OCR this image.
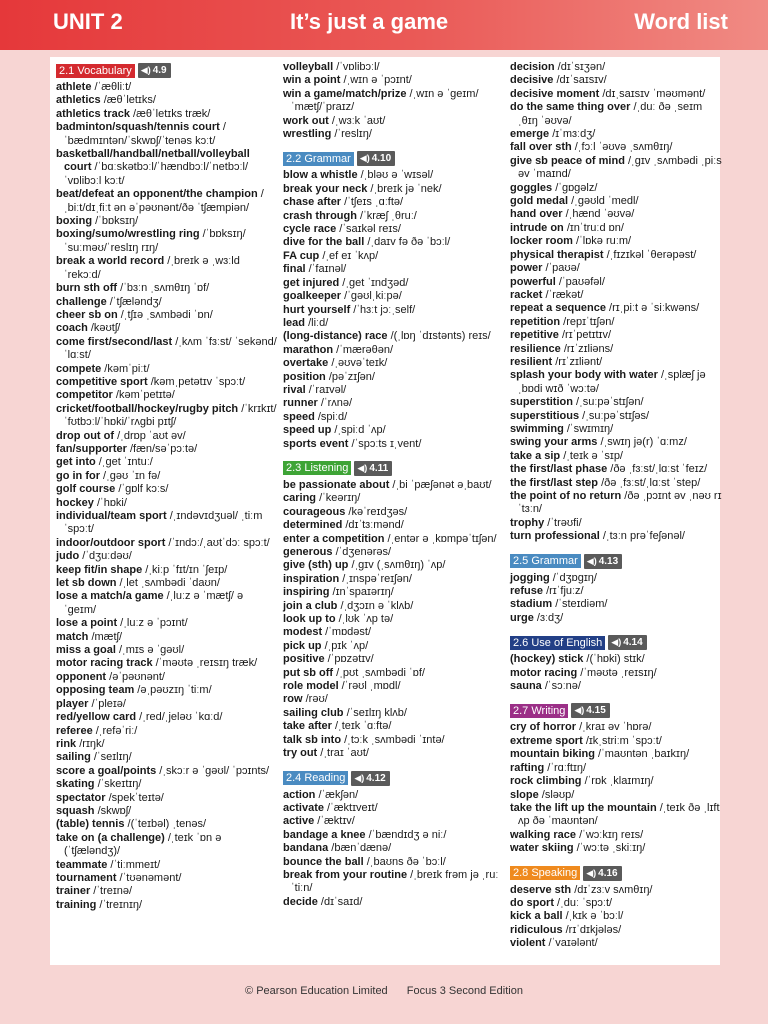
UNIT 2	It’s just a game	Word list
2.1 Vocabulary ◀) 4.9
athlete /ˈæθliːt/
athletics /æθˈletɪks/
athletics track /æθˈletɪks træk/
badminton/squash/tennis court /ˈbædmɪntən/ˈskwɒʃ/ˈtenəs kɔːt/
basketball/handball/netball/volleyball court /ˈbɑːskətbɔːl/ˈhændbɔːl/ˈnetbɔːl/ˈvɒlibɔːl kɔːt/
beat/defeat an opponent/the champion /ˌbiːt/dɪˌfiːt ən əˈpəʊnənt/ðə ˈtʃæmpiən/
boxing /ˈbɒksɪŋ/
boxing/sumo/wrestling ring /ˈbɒksɪŋ/ ˈsuːməʊ/ˈreslɪŋ rɪŋ/
break a world record /ˌbreɪk ə ˌwɜːld ˈrekɔːd/
burn sth off /ˈbɜːn ˌsʌmθɪŋ ˈɒf/
challenge /ˈtʃæləndʒ/
cheer sb on /ˌtʃɪə ˌsʌmbədi ˈɒn/
coach /kəʊtʃ/
come first/second/last /ˌkʌm ˈfɜːst/ ˈsekənd/ˈlɑːst/
compete /kəmˈpiːt/
competitive sport /kəmˌpetətɪv ˈspɔːt/
competitor /kəmˈpetɪtə/
cricket/football/hockey/rugby pitch /ˈkrɪkɪt/ˈfʊtbɔːl/ˈhɒki/ˈrʌgbi pɪtʃ/
drop out of /ˌdrɒp ˈaʊt əv/
fan/supporter /fæn/səˈpɔːtə/
get into /ˌget ˈɪntuː/
go in for /ˌgəʊ ˈɪn fə/
golf course /ˈgɒlf kɔːs/
hockey /ˈhɒki/
individual/team sport /ˌɪndəvɪdʒuəl/ ˌtiːm ˈspɔːt/
indoor/outdoor sport /ˈɪndɔː/ˌaʊtˈdɔː spɔːt/
judo /ˈdʒuːdəʊ/
keep fit/in shape /ˌkiːp ˈfɪt/ɪn ˈʃeɪp/
let sb down /ˌlet ˌsʌmbədi ˈdaʊn/
lose a match/a game /ˌluːz ə ˈmætʃ/ ə ˈgeɪm/
lose a point /ˌluːz ə ˈpɔɪnt/
match /mætʃ/
miss a goal /ˌmɪs ə ˈgəʊl/
motor racing track /ˈməʊtə ˌreɪsɪŋ træk/
opponent /əˈpəʊnənt/
opposing team /əˌpəʊzɪŋ ˈtiːm/
player /ˈpleɪə/
red/yellow card /ˌred/ˌjeləʊ ˈkɑːd/
referee /ˌrefəˈriː/
rink /rɪŋk/
sailing /ˈseɪlɪŋ/
score a goal/points /ˌskɔːr ə ˈgəʊl/ ˈpɔɪnts/
skating /ˈskeɪtɪŋ/
spectator /spekˈteɪtə/
squash /skwɒʃ/
(table) tennis /(ˈteɪbəl) ˌtenəs/
take on (a challenge) /ˌteɪk ˈɒn ə (ˈtʃæləndʒ)/
teammate /ˈtiːmmeɪt/
tournament /ˈtʊənəmənt/
trainer /ˈtreɪnə/
training /ˈtreɪnɪŋ/
volleyball /ˈvɒlibɔːl/
win a point /ˌwɪn ə ˈpɔɪnt/
win a game/match/prize /ˌwɪn ə ˈgeɪm/ ˈmætʃ/ˈpraɪz/
work out /ˌwɜːk ˈaʊt/
wrestling /ˈreslɪŋ/
2.2 Grammar ◀) 4.10
blow a whistle /ˌbləʊ ə ˈwɪsəl/
break your neck /ˌbreɪk jə ˈnek/
chase after /ˈtʃeɪs ˌɑːftə/
crash through /ˈkræʃ ˌθruː/
cycle race /ˈsaɪkəl reɪs/
dive for the ball /ˌdaɪv fə ðə ˈbɔːl/
FA cup /ˌef eɪ ˈkʌp/
final /ˈfaɪnəl/
get injured /ˌget ˈɪndʒəd/
goalkeeper /ˈgəʊlˌkiːpə/
hurt yourself /ˈhɜːt jɔːˌself/
lead /liːd/
(long-distance) race /(ˌlɒŋ ˈdɪstənts) reɪs/
marathon /ˈmærəθən/
overtake /ˌəʊvəˈteɪk/
position /pəˈzɪʃən/
rival /ˈraɪvəl/
runner /ˈrʌnə/
speed /spiːd/
speed up /ˌspiːd ˈʌp/
sports event /ˈspɔːts ɪˌvent/
2.3 Listening ◀) 4.11
be passionate about /ˌbi ˈpæʃənət əˌbaʊt/
caring /ˈkeərɪŋ/
courageous /kəˈreɪdʒəs/
determined /dɪˈtɜːmənd/
enter a competition /ˌentər ə ˌkɒmpəˈtɪʃən/
generous /ˈdʒenərəs/
give (sth) up /ˌgɪv (ˌsʌmθɪŋ) ˈʌp/
inspiration /ˌɪnspəˈreɪʃən/
inspiring /ɪnˈspaɪərɪŋ/
join a club /ˌdʒɔɪn ə ˈklʌb/
look up to /ˌlʊk ˈʌp tə/
modest /ˈmɒdəst/
pick up /ˌpɪk ˈʌp/
positive /ˈpɒzətɪv/
put sb off /ˌpʊt ˌsʌmbədi ˈɒf/
role model /ˈrəʊl ˌmɒdl/
row /rəʊ/
sailing club /ˈseɪlɪŋ klʌb/
take after /ˌteɪk ˈɑːftə/
talk sb into /ˌtɔːk ˌsʌmbədi ˈɪntə/
try out /ˌtraɪ ˈaʊt/
2.4 Reading ◀) 4.12
action /ˈækʃən/
activate /ˈæktɪveɪt/
active /ˈæktɪv/
bandage a knee /ˈbændɪdʒ ə niː/
bandana /bænˈdænə/
bounce the ball /ˌbaʊns ðə ˈbɔːl/
break from your routine /ˌbreɪk frəm jə ˌruːˈtiːn/
decide /dɪˈsaɪd/
decision /dɪˈsɪʒən/
decisive /dɪˈsaɪsɪv/
decisive moment /dɪˌsaɪsɪv ˈməʊmənt/
do the same thing over /ˌduː ðə ˌseɪm ˌθɪŋ ˈəʊvə/
emerge /ɪˈmɜːdʒ/
fall over sth /ˌfɔːl ˈəʊvə ˌsʌmθɪŋ/
give sb peace of mind /ˌgɪv ˌsʌmbədi ˌpiːs əv ˈmaɪnd/
goggles /ˈgɒgəlz/
gold medal /ˌgəʊld ˈmedl/
hand over /ˌhænd ˈəʊvə/
intrude on /ɪnˈtruːd ɒn/
locker room /ˈlɒkə ruːm/
physical therapist /ˌfɪzɪkəl ˈθerəpəst/
power /ˈpaʊə/
powerful /ˈpaʊəfəl/
racket /ˈrækət/
repeat a sequence /rɪˌpiːt ə ˈsiːkwəns/
repetition /repɪˈtɪʃən/
repetitive /rɪˈpetɪtɪv/
resilience /rɪˈzɪliəns/
resilient /rɪˈzɪliənt/
splash your body with water /ˌsplæʃ jə ˌbɒdi wɪð ˈwɔːtə/
superstition /ˌsuːpəˈstɪʃən/
superstitious /ˌsuːpəˈstɪʃəs/
swimming /ˈswɪmɪŋ/
swing your arms /ˌswɪŋ jə(r) ˈɑːmz/
take a sip /ˌteɪk ə ˈsɪp/
the first/last phase /ðə ˌfɜːst/ˌlɑːst ˈfeɪz/
the first/last step /ðə ˌfɜːst/ˌlɑːst ˈstep/
the point of no return /ðə ˌpɔɪnt əv ˌnəʊ rɪˈtɜːn/
trophy /ˈtrəʊfi/
turn professional /ˌtɜːn prəˈfeʃənəl/
2.5 Grammar ◀) 4.13
jogging /ˈdʒɒgɪŋ/
refuse /rɪˈfjuːz/
stadium /ˈsteɪdiəm/
urge /ɜːdʒ/
2.6 Use of English ◀) 4.14
(hockey) stick /(ˈhɒki) stɪk/
motor racing /ˈməʊtə ˌreɪsɪŋ/
sauna /ˈsɔːnə/
2.7 Writing ◀) 4.15
cry of horror /ˌkraɪ əv ˈhɒrə/
extreme sport /ɪkˌstriːm ˈspɔːt/
mountain biking /ˈmaʊntən ˌbaɪkɪŋ/
rafting /ˈrɑːftɪŋ/
rock climbing /ˈrɒk ˌklaɪmɪŋ/
slope /sləʊp/
take the lift up the mountain /ˌteɪk ðə ˌlɪft ʌp ðə ˈmaʊntən/
walking race /ˈwɔːkɪŋ reɪs/
water skiing /ˈwɔːtə ˌskiːɪŋ/
2.8 Speaking ◀) 4.16
deserve sth /dɪˈzɜːv sʌmθɪŋ/
do sport /ˌduː ˈspɔːt/
kick a ball /ˌkɪk ə ˈbɔːl/
ridiculous /rɪˈdɪkjələs/
violent /ˈvaɪələnt/
© Pearson Education Limited Focus 3 Second Edition
